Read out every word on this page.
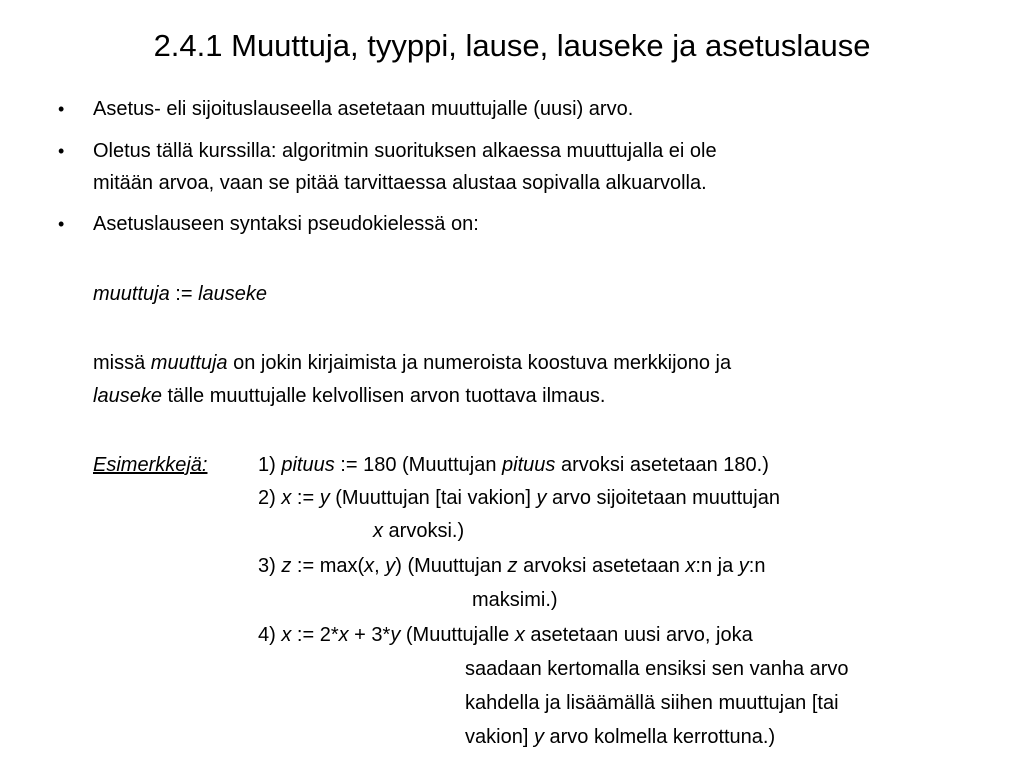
2.4.1 Muuttuja, tyyppi, lause, lauseke ja asetuslause
• Asetus- eli sijoituslauseella asetetaan muuttujalle (uusi) arvo.
• Oletus tällä kurssilla: algoritmin suorituksen alkaessa muuttujalla ei ole
mitään arvoa, vaan se pitää tarvittaessa alustaa sopivalla alkuarvolla.
• Asetuslauseen syntaksi pseudokielessä on:
muuttuja := lauseke
missä muuttuja on jokin kirjaimista ja numeroista koostuva merkkijono ja
lauseke tälle muuttujalle kelvollisen arvon tuottava ilmaus.
Esimerkkejä:	1) pituus := 180 (Muuttujan pituus arvoksi asetetaan 180.)
2) x := y (Muuttujan [tai vakion] y arvo sijoitetaan muuttujan
x arvoksi.)
3) z := max(x, y) (Muuttujan z arvoksi asetetaan x:n ja y:n
maksimi.)
4) x := 2*x + 3*y (Muuttujalle x asetetaan uusi arvo, joka
saadaan kertomalla ensiksi sen vanha arvo
kahdella ja lisäämällä siihen muuttujan [tai
vakion] y arvo kolmella kerrottuna.)
